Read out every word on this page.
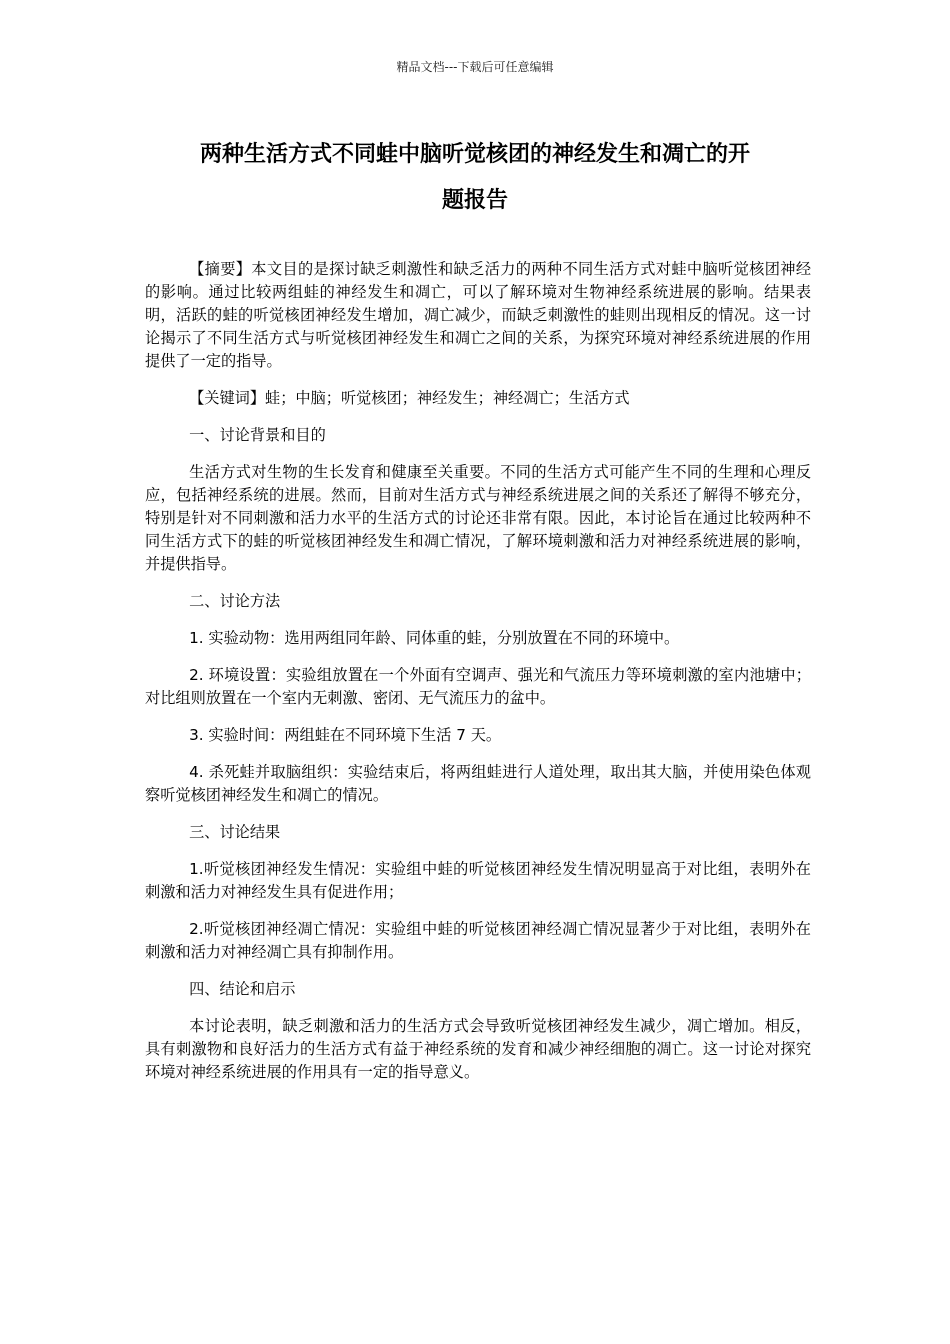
精品文档---下载后可任意编辑
两种生活方式不同蛙中脑听觉核团的神经发生和凋亡的开
题报告

【摘要】本文目的是探讨缺乏刺激性和缺乏活力的两种不同生活方式对蛙中脑听觉核团神经的影响。通过比较两组蛙的神经发生和凋亡，可以了解环境对生物神经系统进展的影响。结果表明，活跃的蛙的听觉核团神经发生增加，凋亡减少，而缺乏刺激性的蛙则出现相反的情况。这一讨论揭示了不同生活方式与听觉核团神经发生和凋亡之间的关系，为探究环境对神经系统进展的作用提供了一定的指导。

【关键词】蛙；中脑；听觉核团；神经发生；神经凋亡；生活方式

一、讨论背景和目的

生活方式对生物的生长发育和健康至关重要。不同的生活方式可能产生不同的生理和心理反应，包括神经系统的进展。然而，目前对生活方式与神经系统进展之间的关系还了解得不够充分，特别是针对不同刺激和活力水平的生活方式的讨论还非常有限。因此，本讨论旨在通过比较两种不同生活方式下的蛙的听觉核团神经发生和凋亡情况，了解环境刺激和活力对神经系统进展的影响，并提供指导。

二、讨论方法

1. 实验动物：选用两组同年龄、同体重的蛙，分别放置在不同的环境中。

2. 环境设置：实验组放置在一个外面有空调声、强光和气流压力等环境刺激的室内池塘中；对比组则放置在一个室内无刺激、密闭、无气流压力的盆中。

3. 实验时间：两组蛙在不同环境下生活 7 天。

4. 杀死蛙并取脑组织：实验结束后，将两组蛙进行人道处理，取出其大脑，并使用染色体观察听觉核团神经发生和凋亡的情况。

三、讨论结果

1.听觉核团神经发生情况：实验组中蛙的听觉核团神经发生情况明显高于对比组，表明外在刺激和活力对神经发生具有促进作用；

2.听觉核团神经凋亡情况：实验组中蛙的听觉核团神经凋亡情况显著少于对比组，表明外在刺激和活力对神经凋亡具有抑制作用。

四、结论和启示

本讨论表明，缺乏刺激和活力的生活方式会导致听觉核团神经发生减少，凋亡增加。相反，具有刺激物和良好活力的生活方式有益于神经系统的发育和减少神经细胞的凋亡。这一讨论对探究环境对神经系统进展的作用具有一定的指导意义。
